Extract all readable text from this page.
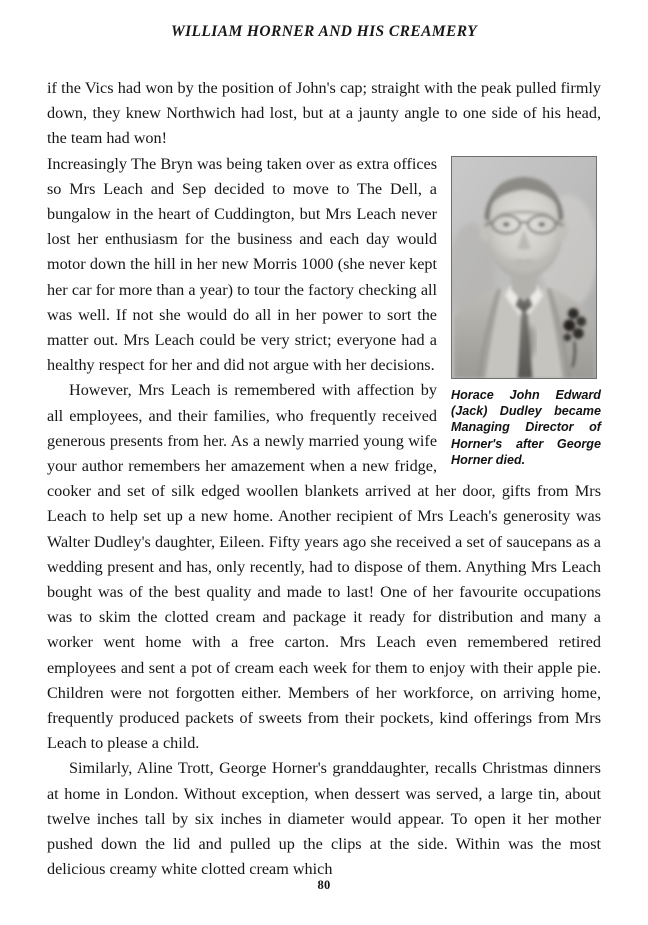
WILLIAM HORNER AND HIS CREAMERY

if the Vics had won by the position of John's cap; straight with the peak pulled firmly down, they knew Northwich had lost, but at a jaunty angle to one side of his head, the team had won!

Horace John Edward (Jack) Dudley became Managing Director of Horner's after George Horner died.

Increasingly The Bryn was being taken over as extra offices so Mrs Leach and Sep decided to move to The Dell, a bungalow in the heart of Cuddington, but Mrs Leach never lost her enthusiasm for the business and each day would motor down the hill in her new Morris 1000 (she never kept her car for more than a year) to tour the factory checking all was well. If not she would do all in her power to sort the matter out. Mrs Leach could be very strict; everyone had a healthy respect for her and did not argue with her decisions.

However, Mrs Leach is remembered with affection by all employees, and their families, who frequently received generous presents from her. As a newly married young wife your author remembers her amazement when a new fridge, cooker and set of silk edged woollen blankets arrived at her door, gifts from Mrs Leach to help set up a new home. Another recipient of Mrs Leach's generosity was Walter Dudley's daughter, Eileen. Fifty years ago she received a set of saucepans as a wedding present and has, only recently, had to dispose of them. Anything Mrs Leach bought was of the best quality and made to last! One of her favourite occupations was to skim the clotted cream and package it ready for distribution and many a worker went home with a free carton. Mrs Leach even remembered retired employees and sent a pot of cream each week for them to enjoy with their apple pie. Children were not forgotten either. Members of her workforce, on arriving home, frequently produced packets of sweets from their pockets, kind offerings from Mrs Leach to please a child.

Similarly, Aline Trott, George Horner's granddaughter, recalls Christmas dinners at home in London. Without exception, when dessert was served, a large tin, about twelve inches tall by six inches in diameter would appear. To open it her mother pushed down the lid and pulled up the clips at the side. Within was the most delicious creamy white clotted cream which

80
